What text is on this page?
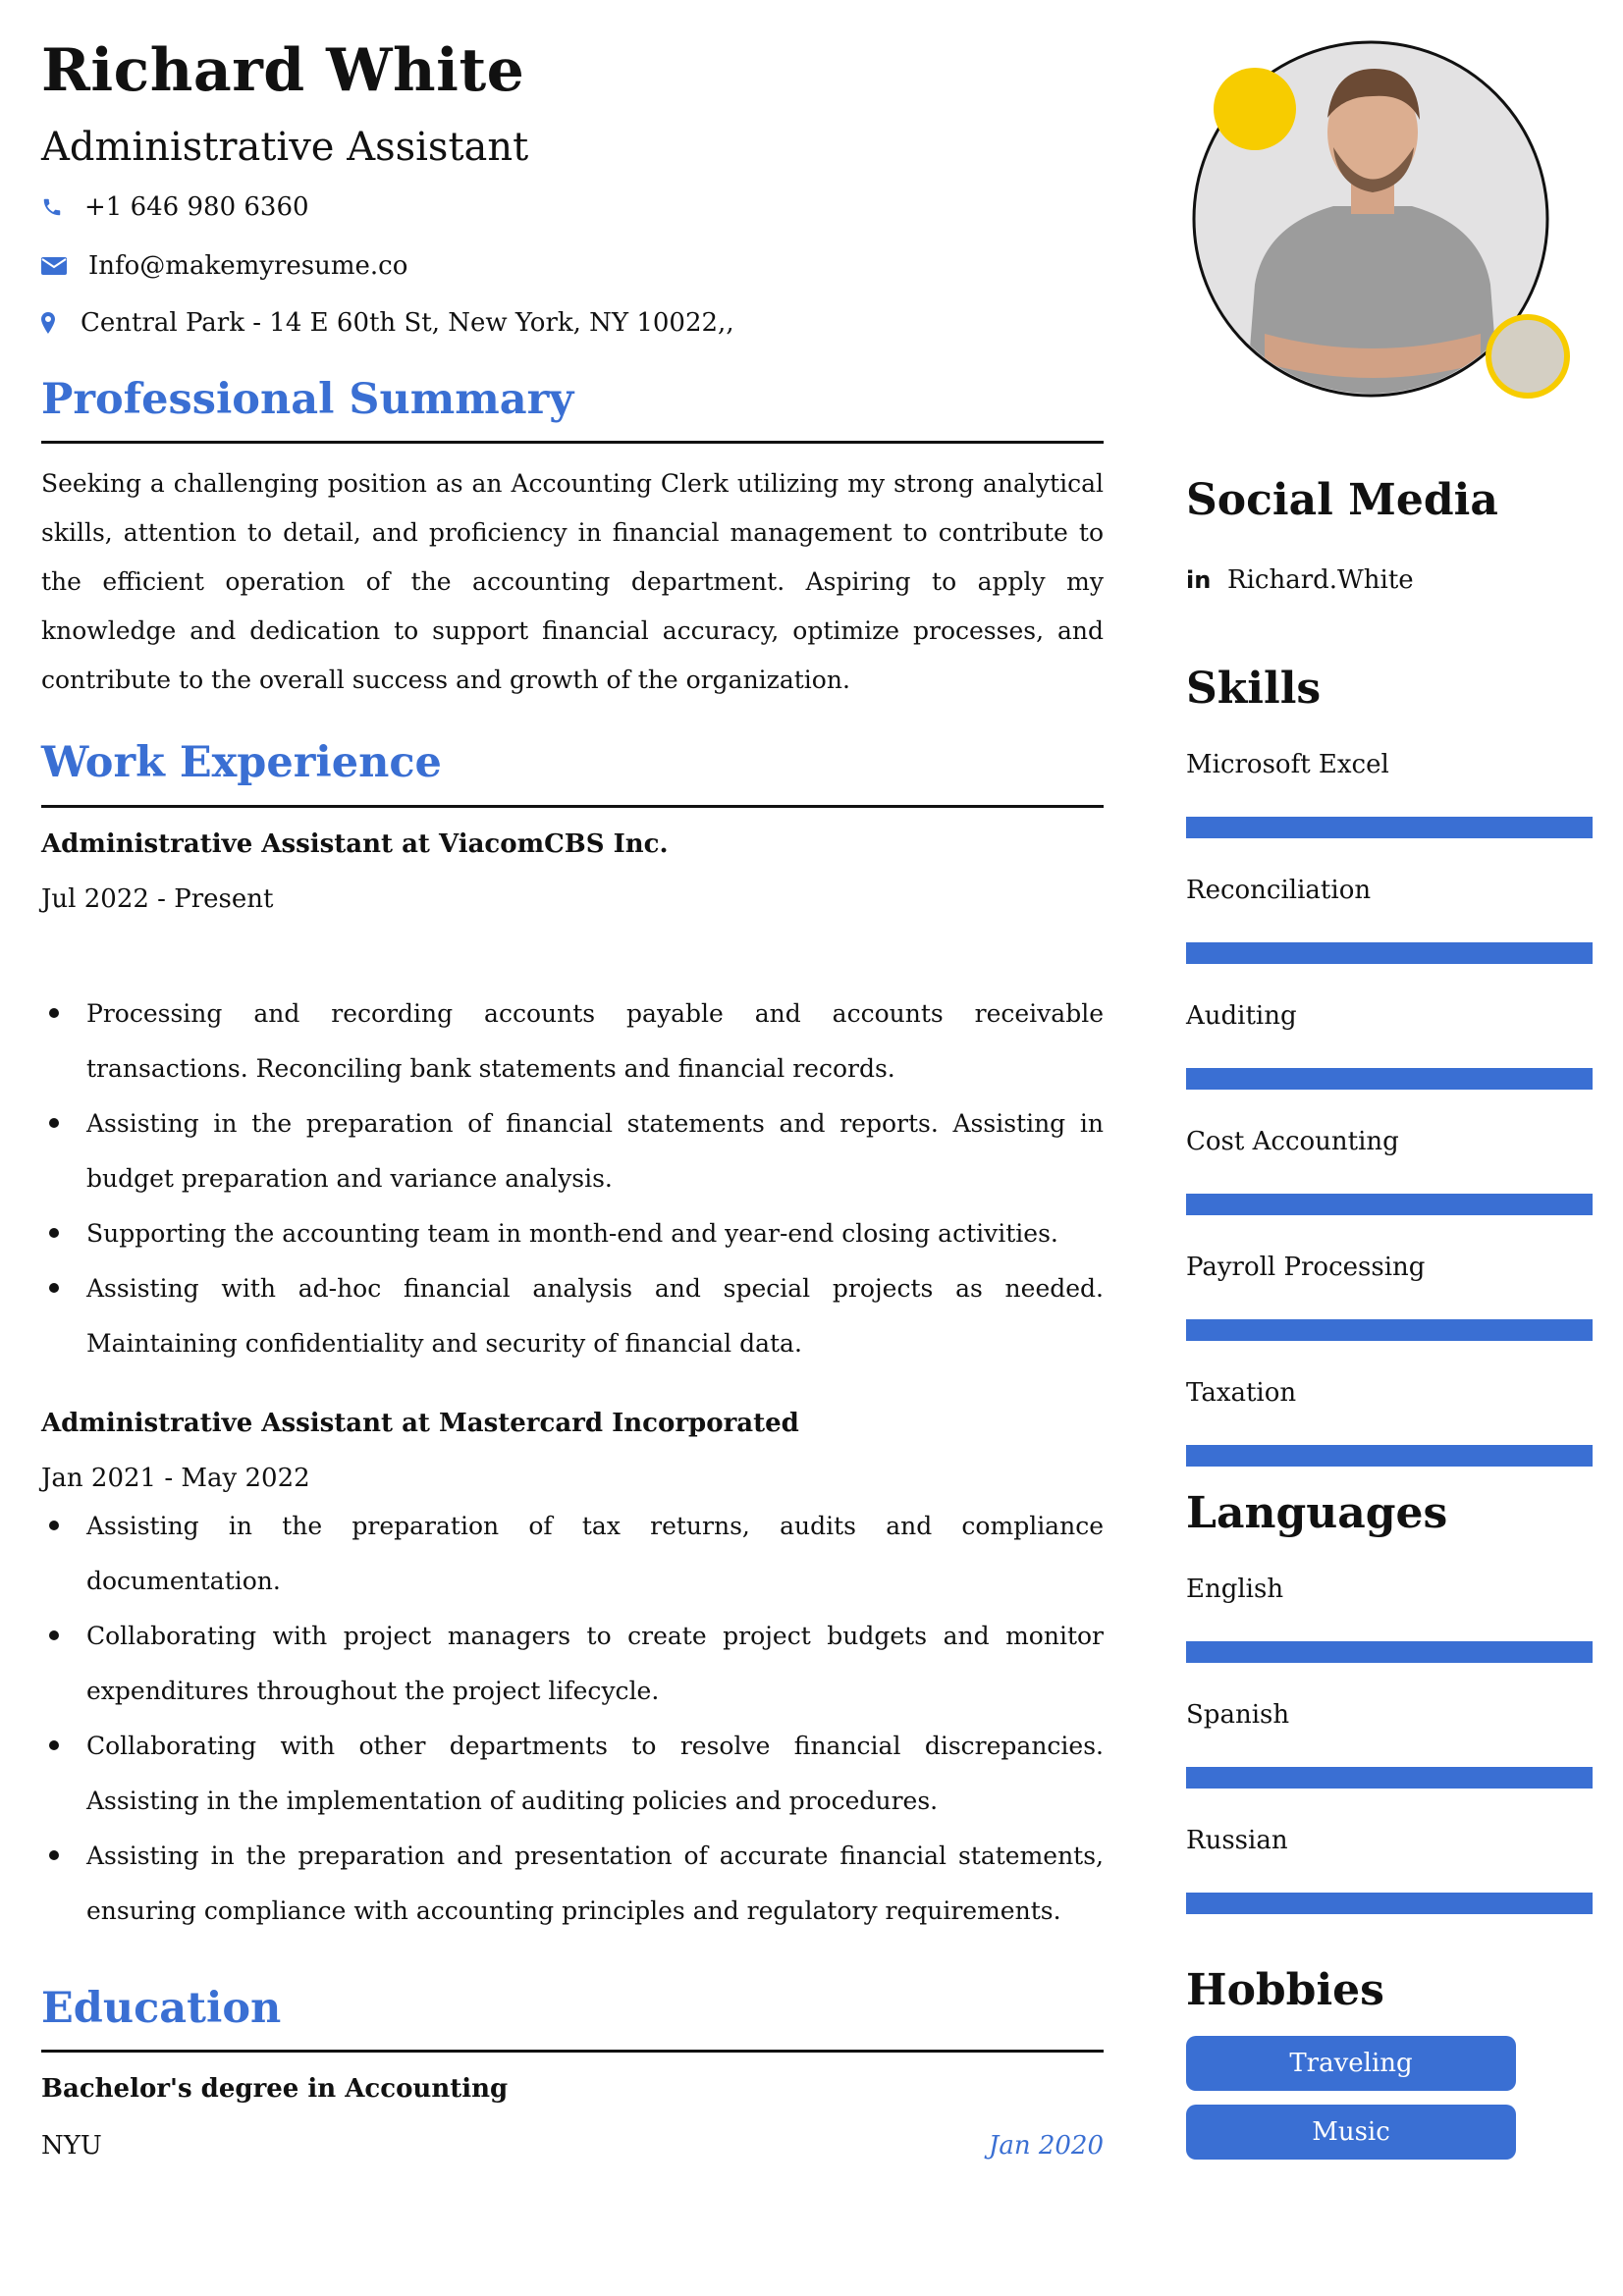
Richard White
Administrative Assistant
+1 646 980 6360
Info@makemyresume.co
Central Park - 14 E 60th St, New York, NY 10022,,
Professional Summary
Seeking a challenging position as an Accounting Clerk utilizing my strong analytical skills, attention to detail, and proficiency in financial management to contribute to the efficient operation of the accounting department. Aspiring to apply my knowledge and dedication to support financial accuracy, optimize processes, and contribute to the overall success and growth of the organization.
Work Experience
Administrative Assistant at ViacomCBS Inc.
Jul 2022 - Present
Processing and recording accounts payable and accounts receivable transactions. Reconciling bank statements and financial records.
Assisting in the preparation of financial statements and reports. Assisting in budget preparation and variance analysis.
Supporting the accounting team in month-end and year-end closing activities.
Assisting with ad-hoc financial analysis and special projects as needed. Maintaining confidentiality and security of financial data.
Administrative Assistant at Mastercard Incorporated
Jan 2021 - May 2022
Assisting in the preparation of tax returns, audits and compliance documentation.
Collaborating with project managers to create project budgets and monitor expenditures throughout the project lifecycle.
Collaborating with other departments to resolve financial discrepancies. Assisting in the implementation of auditing policies and procedures.
Assisting in the preparation and presentation of accurate financial statements, ensuring compliance with accounting principles and regulatory requirements.
Education
Bachelor's degree in Accounting
NYU	Jan 2020
Social Media
in Richard.White
Skills
Microsoft Excel
Reconciliation
Auditing
Cost Accounting
Payroll Processing
Taxation
Languages
English
Spanish
Russian
Hobbies
Traveling
Music
